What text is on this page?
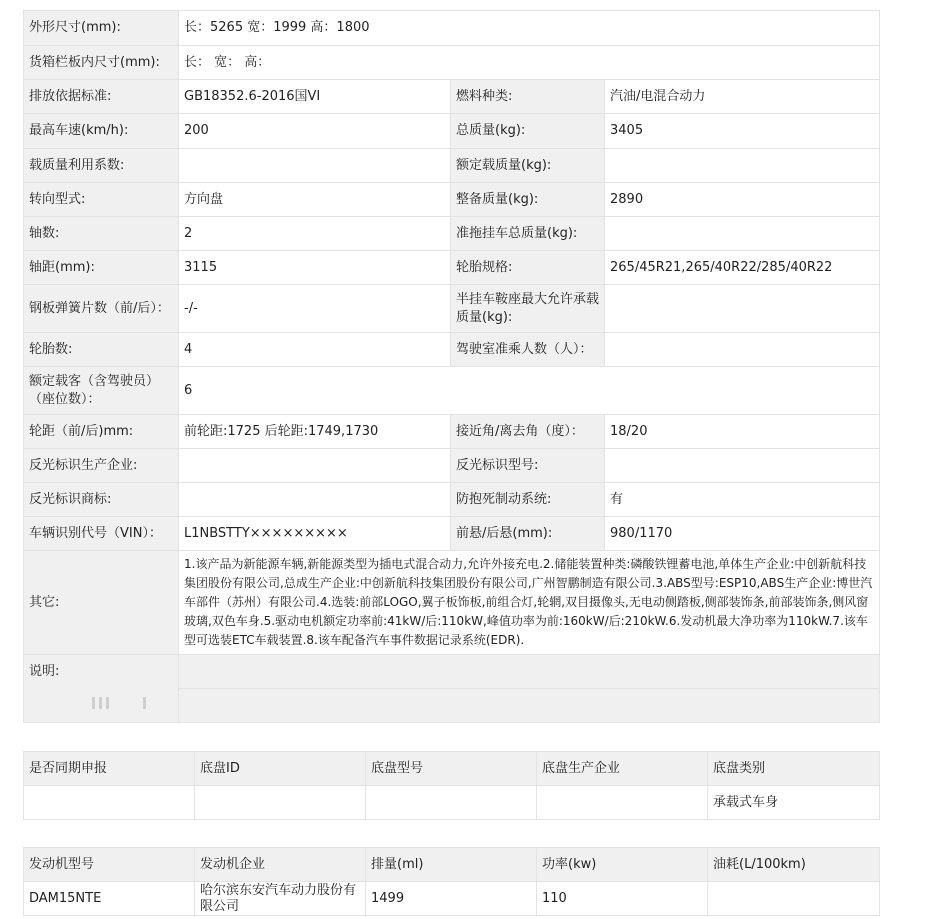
外形尺寸(mm):	长：5265 宽：1999 高：1800		
货箱栏板内尺寸(mm):	长： 宽： 高：		
排放依据标准:	GB18352.6-2016国VI	燃料种类:	汽油/电混合动力
最高车速(km/h):	200	总质量(kg):	3405
载质量利用系数:		额定载质量(kg):	
转向型式:	方向盘	整备质量(kg):	2890
轴数:	2	准拖挂车总质量(kg):	
轴距(mm):	3115	轮胎规格:	265/45R21,265/40R22/285/40R22
钢板弹簧片数（前/后）：	-/-	半挂车鞍座最大允许承载质量(kg):	
轮胎数:	4	驾驶室准乘人数（人）：	
额定载客（含驾驶员）（座位数）：	6		
轮距（前/后)mm:	前轮距:1725 后轮距:1749,1730	接近角/离去角（度）：	18/20
反光标识生产企业:		反光标识型号:	
反光标识商标:		防抱死制动系统:	有
车辆识别代号（VIN）：	L1NBSTTY×××××××××	前悬/后悬(mm):	980/1170
其它:	1.该产品为新能源车辆,新能源类型为插电式混合动力,允许外接充电.2.储能装置种类:磷酸铁锂蓄电池,单体生产企业:中创新航科技集团股份有限公司,总成生产企业:中创新航科技集团股份有限公司,广州智鹏制造有限公司.3.ABS型号:ESP10,ABS生产企业:博世汽车部件（苏州）有限公司.4.选装:前部LOGO,翼子板饰板,前组合灯,轮辋,双目摄像头,无电动侧踏板,侧部装饰条,前部装饰条,侧风窗玻璃,双色车身.5.驱动电机额定功率前:41kW/后:110kW,峰值功率为前:160kW/后:210kW.6.发动机最大净功率为110kW.7.该车型可选装ETC车载装置.8.该车配备汽车事件数据记录系统(EDR).		
说明:			

是否同期申报	底盘ID	底盘型号	底盘生产企业	底盘类别
				承载式车身
发动机型号	发动机企业	排量(ml)	功率(kw)	油耗(L/100km)
DAM15NTE	哈尔滨东安汽车动力股份有限公司	1499	110	
